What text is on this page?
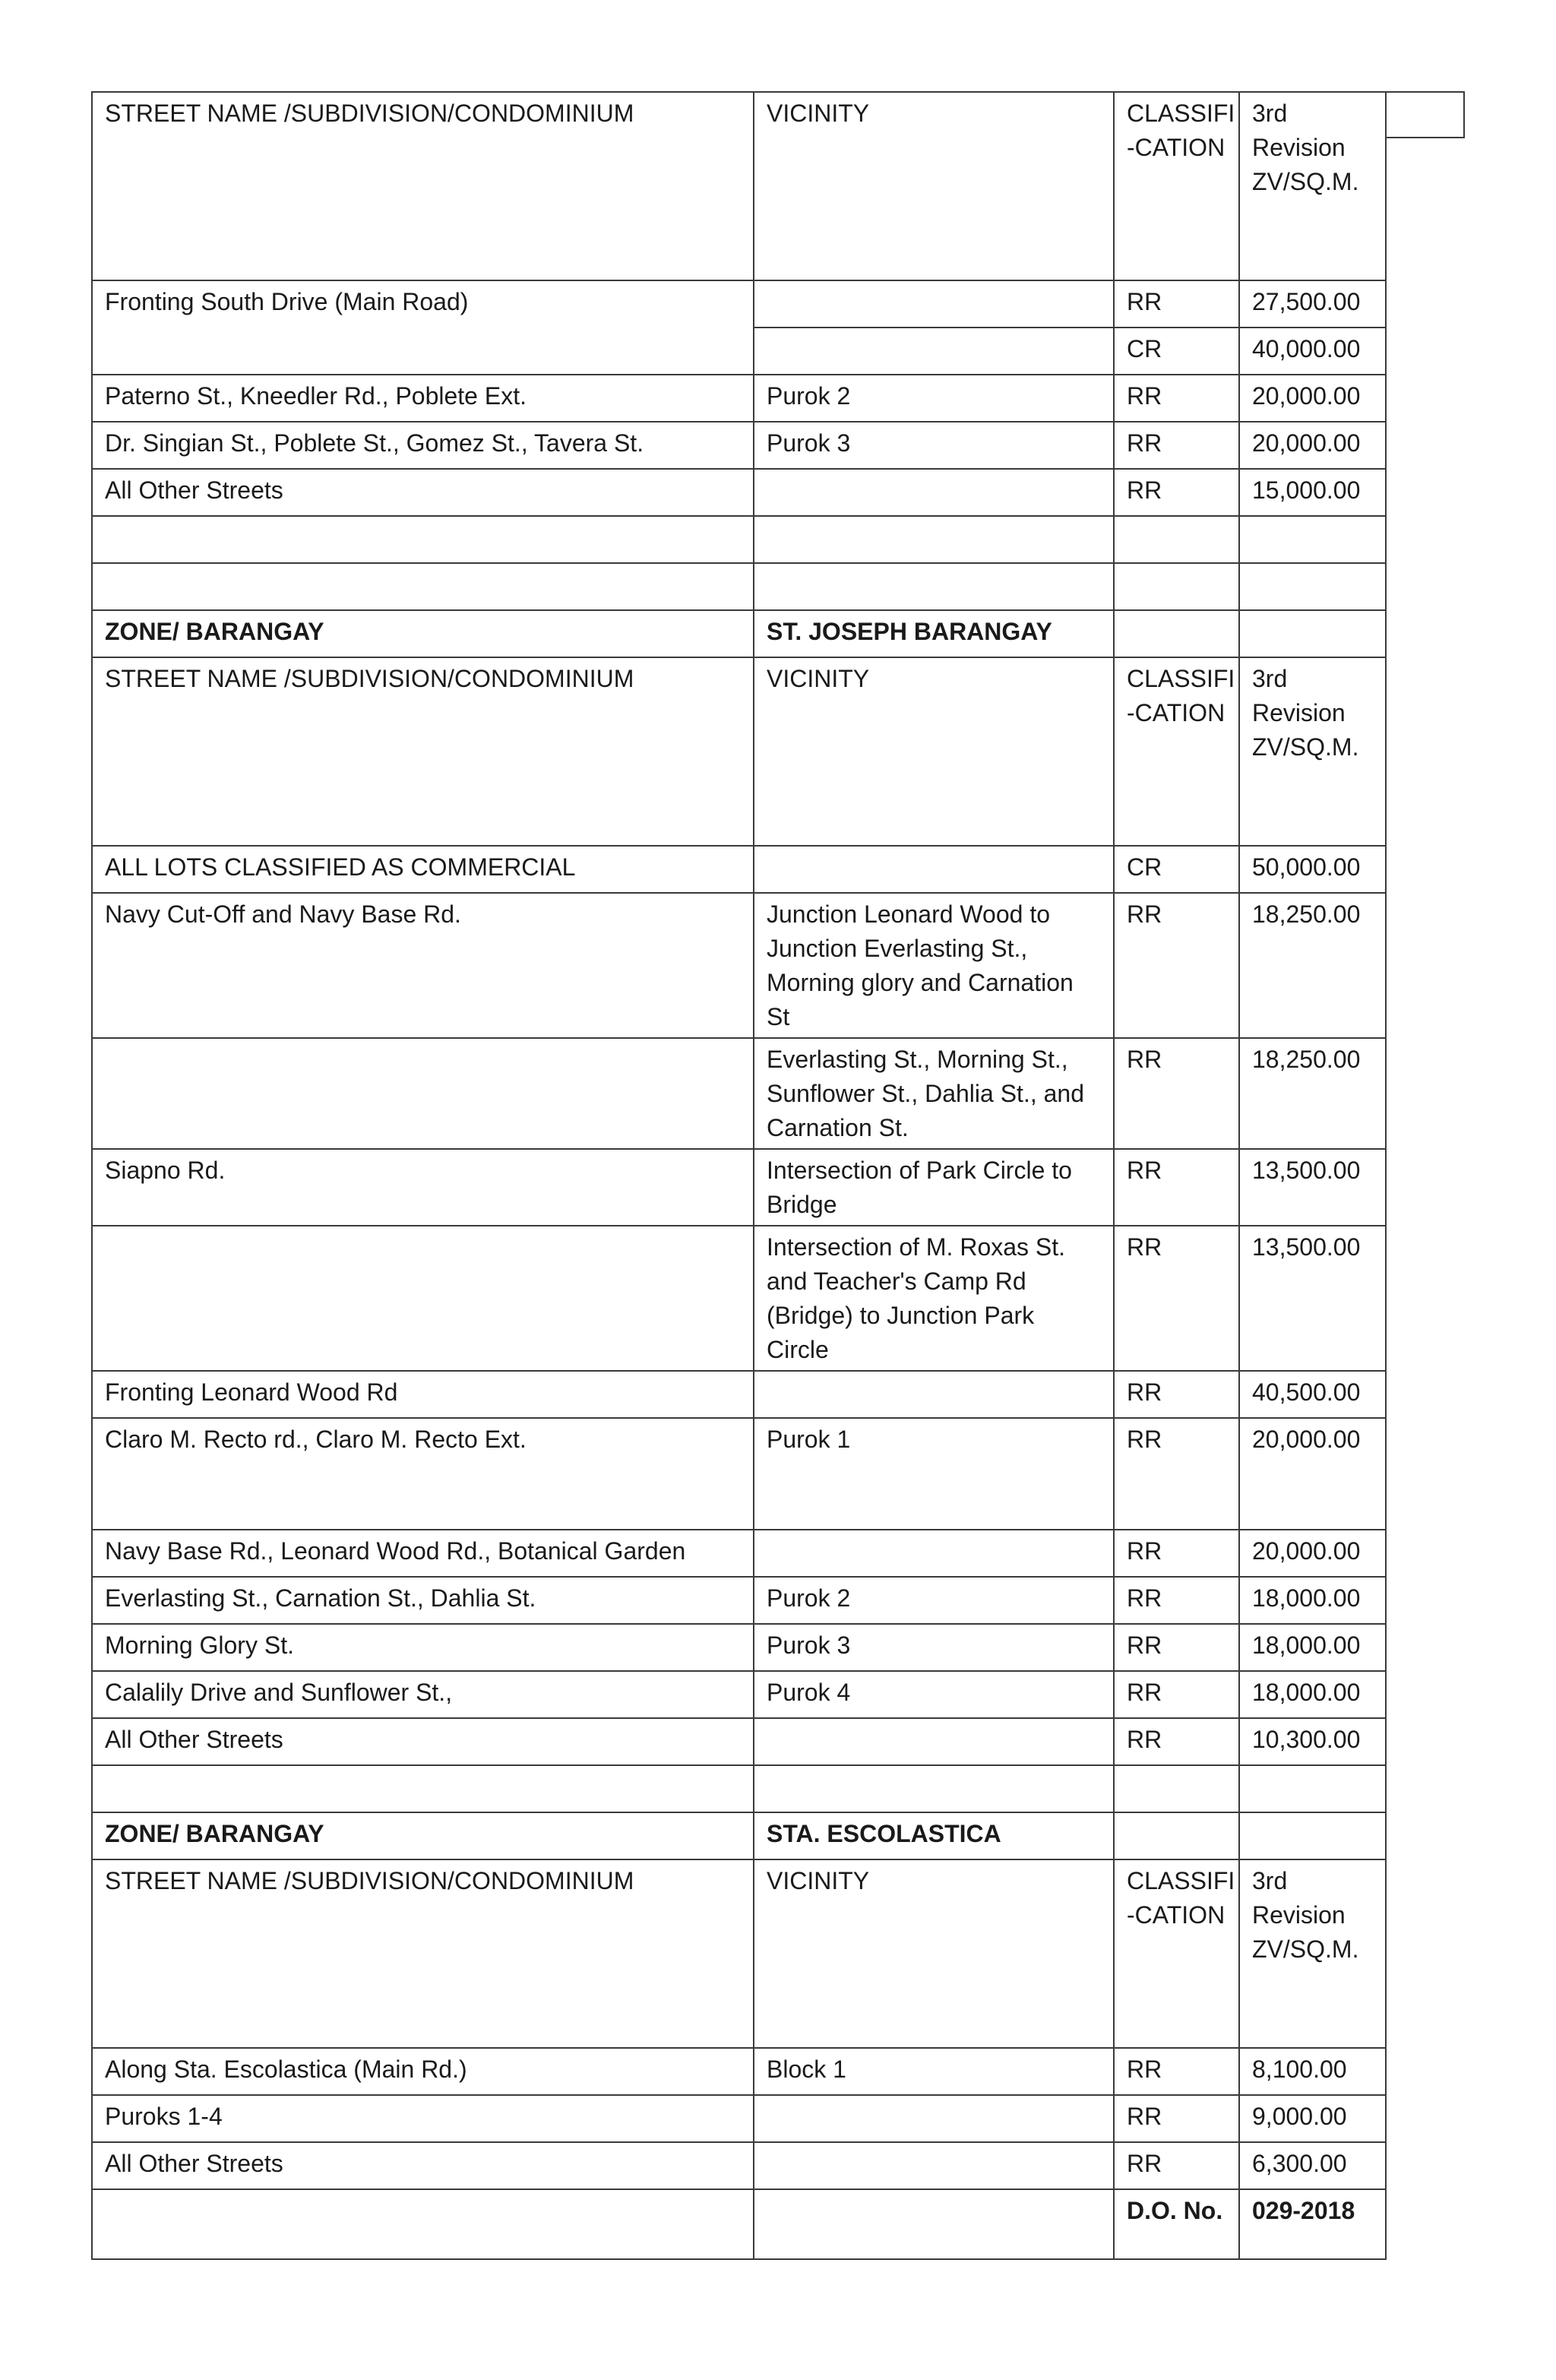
STREET NAME /SUBDIVISION/CONDOMINIUM	VICINITY	CLASSIFI -CATION	3rd Revision ZV/SQ.M.
Fronting South Drive (Main Road)		RR	27,500.00
		CR	40,000.00
Paterno St., Kneedler Rd., Poblete Ext.	Purok 2	RR	20,000.00
Dr. Singian St., Poblete St., Gomez St., Tavera St.	Purok 3	RR	20,000.00
All Other Streets		RR	15,000.00

ZONE/ BARANGAY	ST. JOSEPH BARANGAY		
STREET NAME /SUBDIVISION/CONDOMINIUM	VICINITY	CLASSIFI -CATION	3rd Revision ZV/SQ.M.
ALL LOTS CLASSIFIED AS COMMERCIAL		CR	50,000.00
Navy Cut-Off and Navy Base Rd.	Junction Leonard Wood to Junction Everlasting St., Morning glory and Carnation St	RR	18,250.00
	Everlasting St., Morning St., Sunflower St., Dahlia St., and Carnation St.	RR	18,250.00
Siapno Rd.	Intersection of Park Circle to Bridge	RR	13,500.00
	Intersection of M. Roxas St. and Teacher's Camp Rd (Bridge) to Junction Park Circle	RR	13,500.00
Fronting Leonard Wood Rd		RR	40,500.00
Claro M. Recto rd., Claro M. Recto Ext.	Purok 1	RR	20,000.00
Navy Base Rd., Leonard Wood Rd., Botanical Garden		RR	20,000.00
Everlasting St., Carnation St., Dahlia St.	Purok 2	RR	18,000.00
Morning Glory St.	Purok 3	RR	18,000.00
Calalily Drive and Sunflower St.,	Purok 4	RR	18,000.00
All Other Streets		RR	10,300.00

ZONE/ BARANGAY	STA. ESCOLASTICA		
STREET NAME /SUBDIVISION/CONDOMINIUM	VICINITY	CLASSIFI -CATION	3rd Revision ZV/SQ.M.
Along Sta. Escolastica (Main Rd.)	Block 1	RR	8,100.00
Puroks 1-4		RR	9,000.00
All Other Streets		RR	6,300.00
		D.O. No.	029-2018
